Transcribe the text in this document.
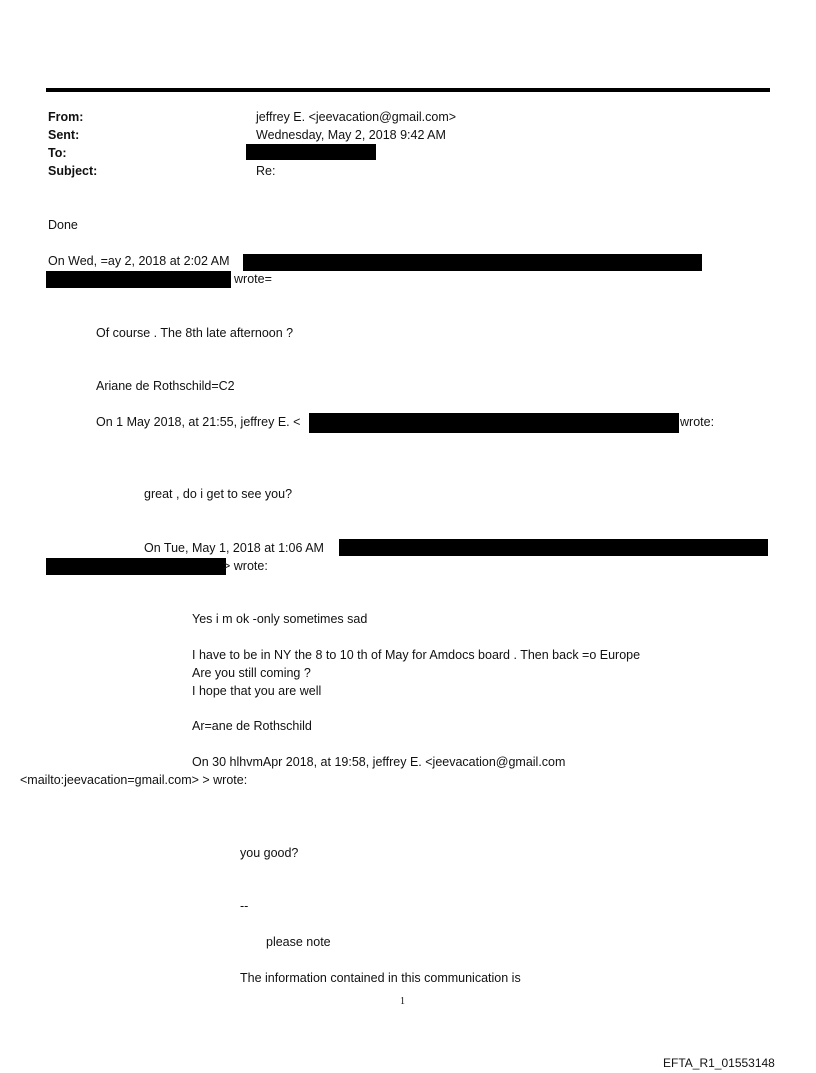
From:
Sent:
To:
Subject:
jeffrey E. <jeevacation@gmail.com>
Wednesday, May 2, 2018 9:42 AM
Re:
Done
On Wed, =ay 2, 2018 at 2:02 AM
wrote=
Of course . The 8th late afternoon ?
Ariane de Rothschild=C2
On 1 May 2018, at 21:55, jeffrey E. <	wrote:
great , do i get to see you?
On Tue, May 1, 2018 at 1:06 AM
> wrote:
Yes i m ok -only sometimes sad
I have to be in NY the 8 to 10 th of May for Amdocs board . Then back =o Europe
Are you still coming ?
I hope that you are well
Ar=ane de Rothschild
On 30 hlhvmApr 2018, at 19:58, jeffrey E. <jeevacation@gmail.com
<mailto:jeevacation=gmail.com> > wrote:
you good?
--
please note
The information contained in this communication is
1
EFTA_R1_01553148
